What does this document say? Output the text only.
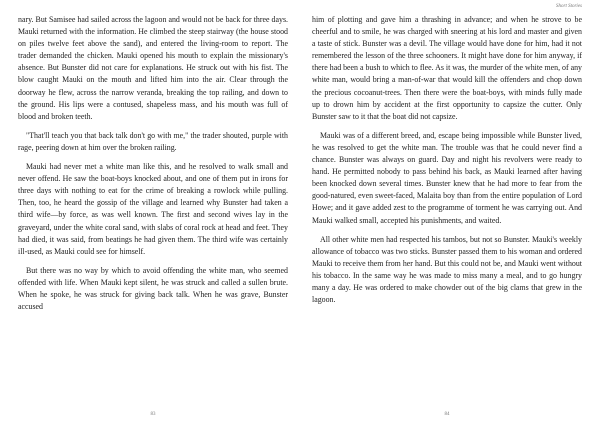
nary. But Samisee had sailed across the lagoon and would not be back for three days. Mauki returned with the information. He climbed the steep stairway (the house stood on piles twelve feet above the sand), and entered the living-room to report. The trader demanded the chicken. Mauki opened his mouth to explain the missionary's absence. But Bunster did not care for explanations. He struck out with his fist. The blow caught Mauki on the mouth and lifted him into the air. Clear through the doorway he flew, across the narrow veranda, breaking the top railing, and down to the ground. His lips were a contused, shapeless mass, and his mouth was full of blood and broken teeth.

"That'll teach you that back talk don't go with me," the trader shouted, purple with rage, peering down at him over the broken railing.

Mauki had never met a white man like this, and he resolved to walk small and never offend. He saw the boat-boys knocked about, and one of them put in irons for three days with nothing to eat for the crime of breaking a rowlock while pulling. Then, too, he heard the gossip of the village and learned why Bunster had taken a third wife—by force, as was well known. The first and second wives lay in the graveyard, under the white coral sand, with slabs of coral rock at head and feet. They had died, it was said, from beatings he had given them. The third wife was certainly ill-used, as Mauki could see for himself.

But there was no way by which to avoid offending the white man, who seemed offended with life. When Mauki kept silent, he was struck and called a sullen brute. When he spoke, he was struck for giving back talk. When he was grave, Bunster accused

83
Short Stories

him of plotting and gave him a thrashing in advance; and when he strove to be cheerful and to smile, he was charged with sneering at his lord and master and given a taste of stick. Bunster was a devil. The village would have done for him, had it not remembered the lesson of the three schooners. It might have done for him anyway, if there had been a bush to which to flee. As it was, the murder of the white men, of any white man, would bring a man-of-war that would kill the offenders and chop down the precious cocoanut-trees. Then there were the boat-boys, with minds fully made up to drown him by accident at the first opportunity to capsize the cutter. Only Bunster saw to it that the boat did not capsize.

Mauki was of a different breed, and, escape being impossible while Bunster lived, he was resolved to get the white man. The trouble was that he could never find a chance. Bunster was always on guard. Day and night his revolvers were ready to hand. He permitted nobody to pass behind his back, as Mauki learned after having been knocked down several times. Bunster knew that he had more to fear from the good-natured, even sweet-faced, Malaita boy than from the entire population of Lord Howe; and it gave added zest to the programme of torment he was carrying out. And Mauki walked small, accepted his punishments, and waited.

All other white men had respected his tambos, but not so Bunster. Mauki's weekly allowance of tobacco was two sticks. Bunster passed them to his woman and ordered Mauki to receive them from her hand. But this could not be, and Mauki went without his tobacco. In the same way he was made to miss many a meal, and to go hungry many a day. He was ordered to make chowder out of the big clams that grew in the lagoon.

84
